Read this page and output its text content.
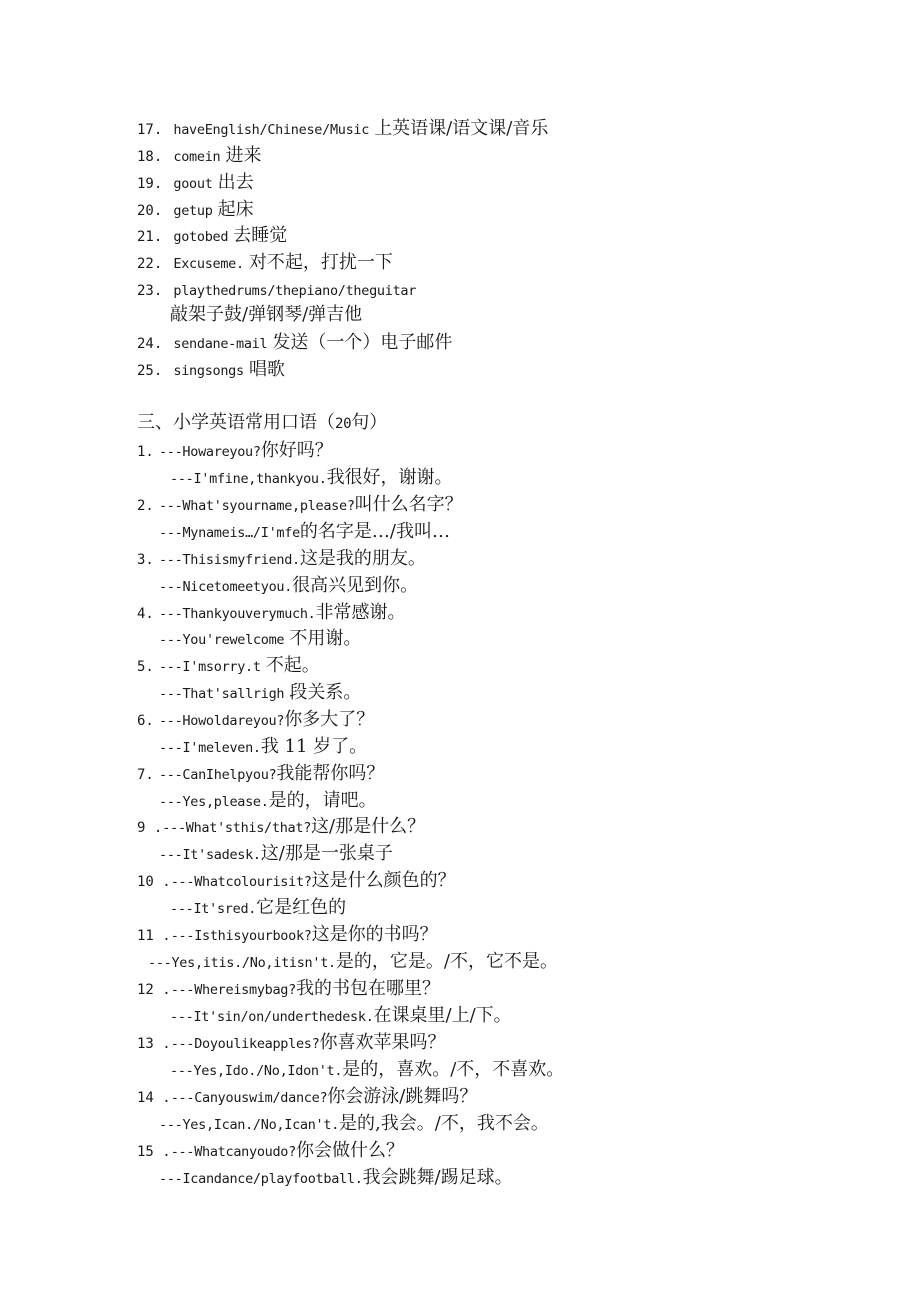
17. haveEnglish/Chinese/Music 上英语课/语文课/音乐
18. comein 进来
19. goout 出去
20. getup 起床
21. gotobed 去睡觉
22. Excuseme. 对不起，打扰一下
23. playthedrums/thepiano/theguitar
敲架子鼓/弹钢琴/弹吉他
24. sendane-mail 发送（一个）电子邮件
25. singsongs 唱歌
三、小学英语常用口语（20句）
1. ---Howareyou?你好吗？
---I'mfine,thankyou.我很好，谢谢。
2. ---What'syourname,please?叫什么名字？
---Mynameis…/I'mfe的名字是…/我叫…
3. ---Thisismyfriend.这是我的朋友。
---Nicetomeetyou.很高兴见到你。
4. ---Thankyouverymuch.非常感谢。
---You'rewelcome 不用谢。
5. ---I'msorry.t 不起。
---That'sallrigh 段关系。
6. ---Howoldareyou?你多大了？
---I'meleven.我 11 岁了。
7. ---CanIhelpyou?我能帮你吗？
---Yes,please.是的，请吧。
9 .---What'sthis/that?这/那是什么？
---It'sadesk.这/那是一张桌子
10 .---Whatcolourisit?这是什么颜色的？
---It'sred.它是红色的
11 .---Isthisyourbook?这是你的书吗？
---Yes,itis./No,itisn't.是的，它是。/不，它不是。
12 .---Whereismybag?我的书包在哪里？
---It'sin/on/underthedesk.在课桌里/上/下。
13 .---Doyoulikeapples?你喜欢苹果吗？
---Yes,Ido./No,Idon't.是的，喜欢。/不，不喜欢。
14 .---Canyouswim/dance?你会游泳/跳舞吗？
---Yes,Ican./No,Ican't.是的,我会。/不，我不会。
15 .---Whatcanyoudo?你会做什么？
---Icandance/playfootball.我会跳舞/踢足球。
